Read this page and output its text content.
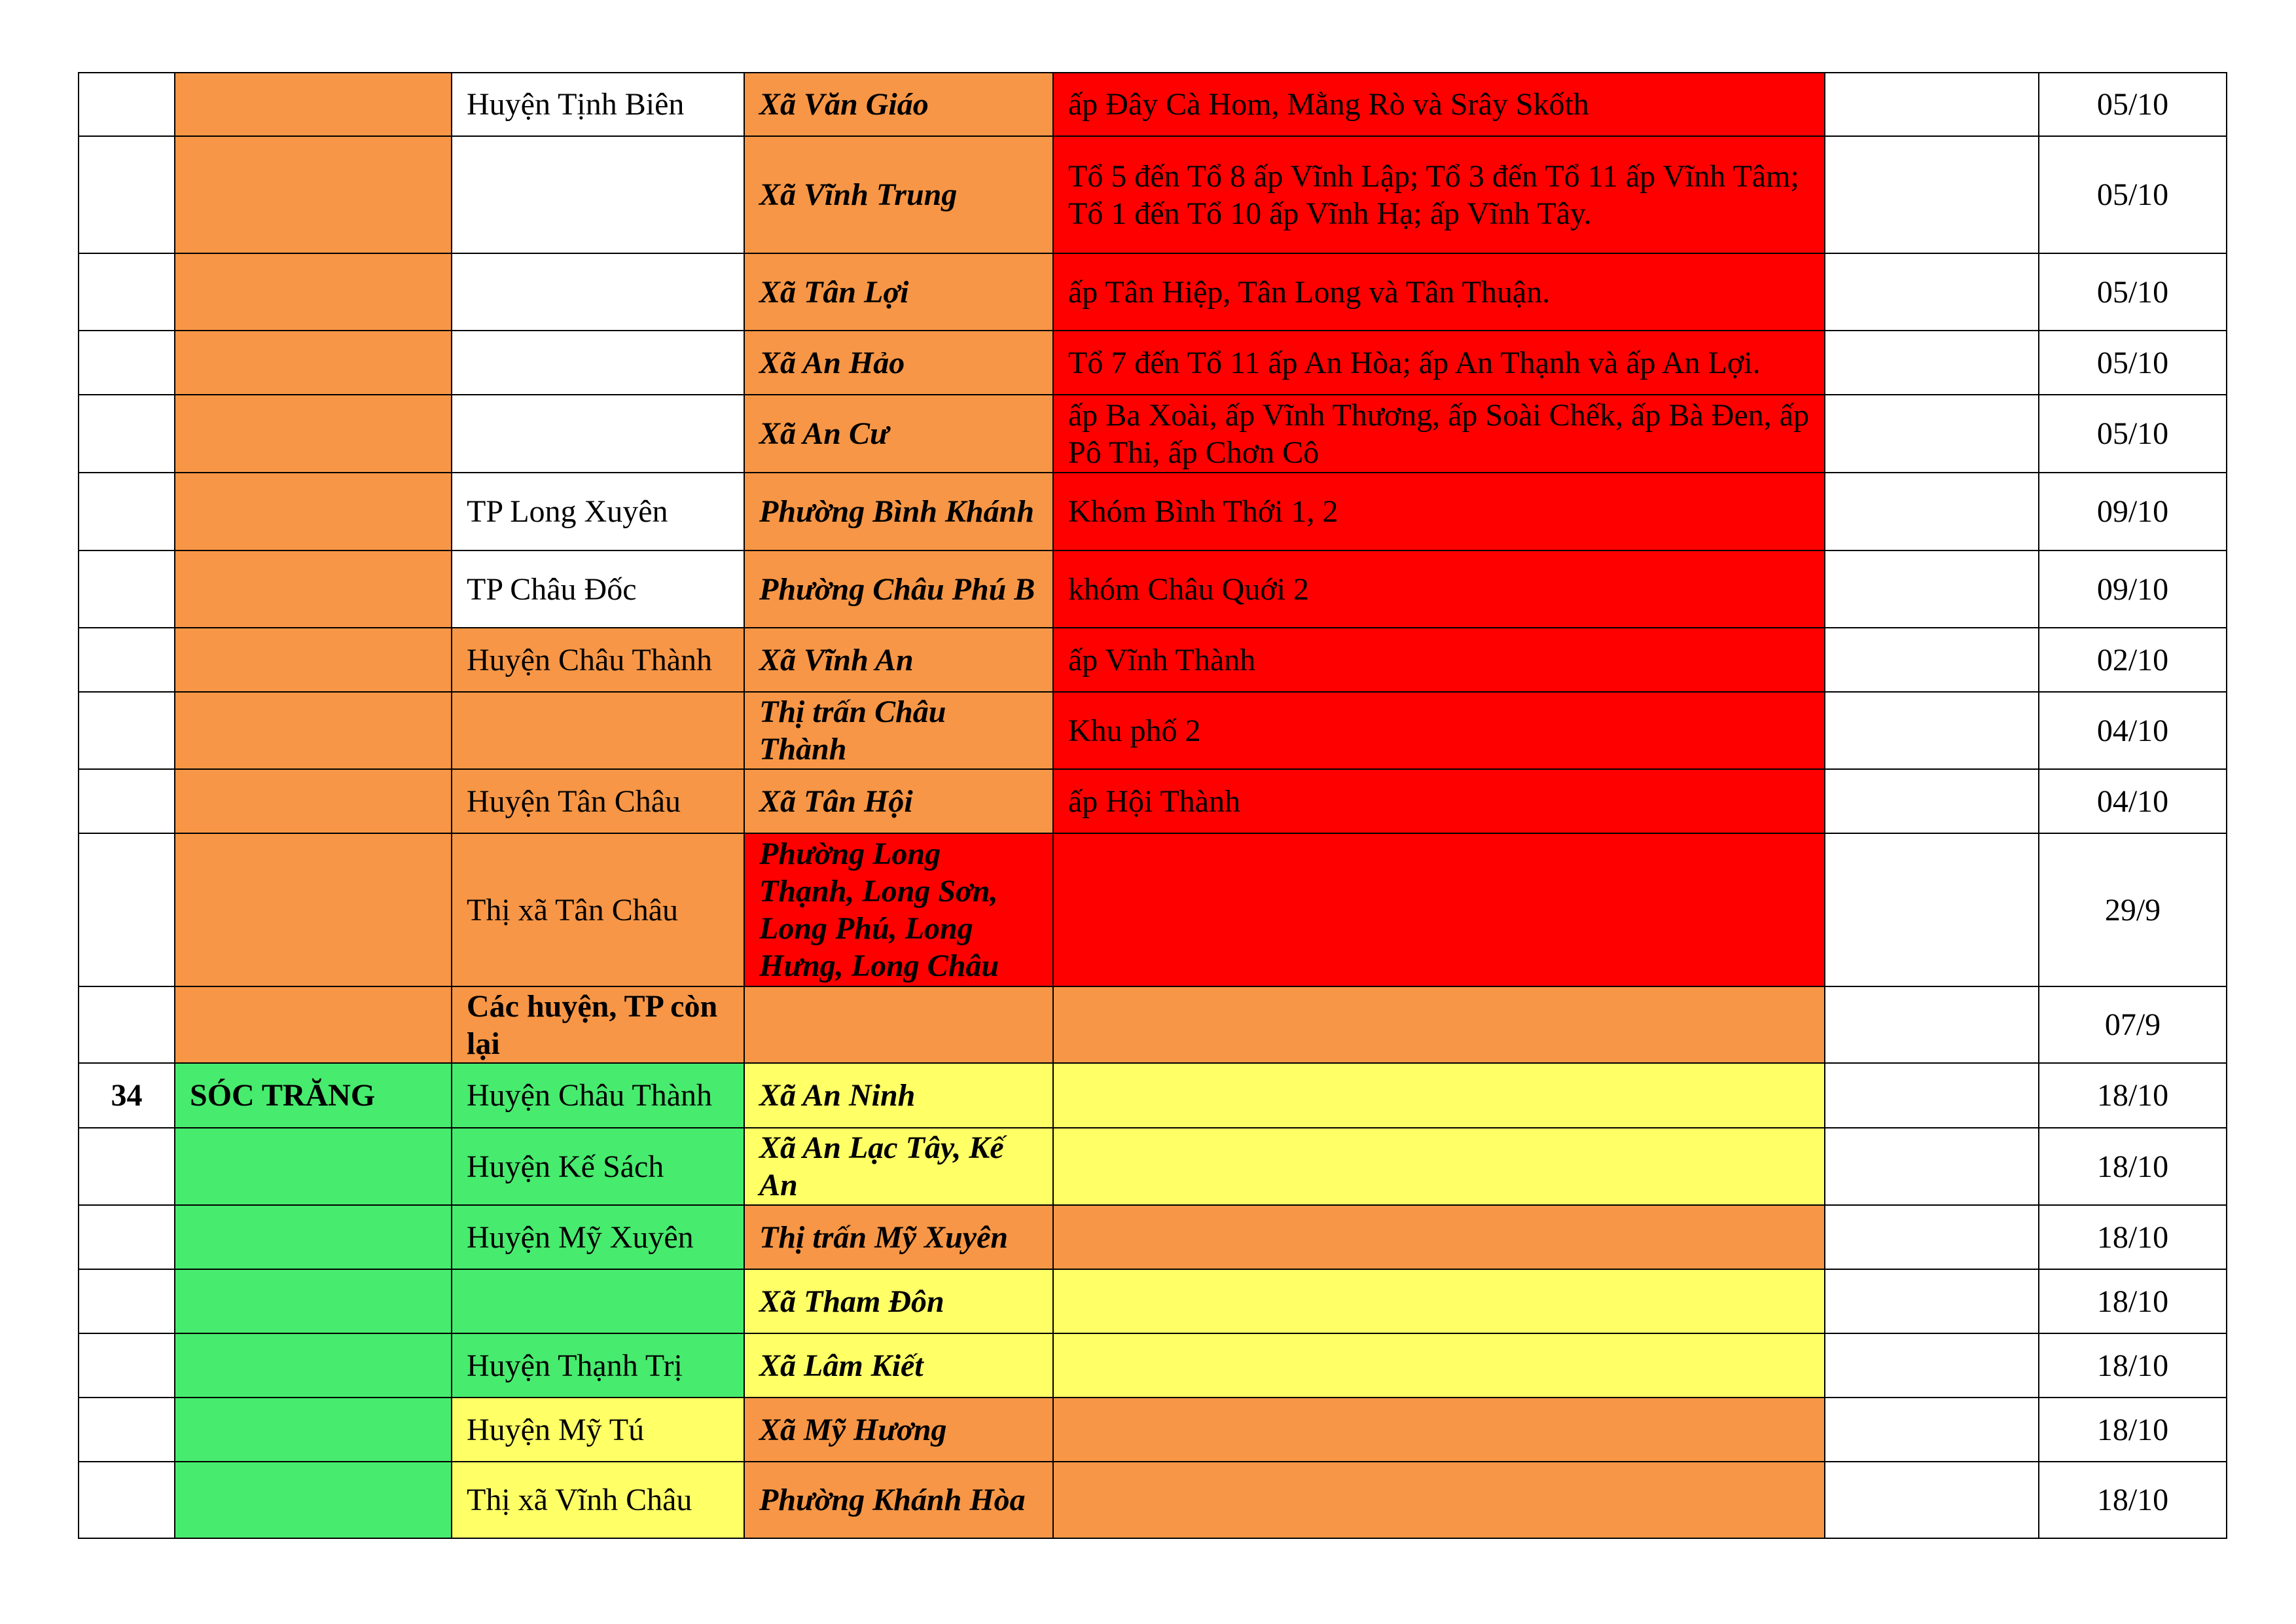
		Huyện Tịnh Biên	Xã Văn Giáo	ấp Đây Cà Hom, Mằng Rò và Srây Skốth		05/10
			Xã Vĩnh Trung	Tổ 5 đến Tổ 8 ấp Vĩnh Lập; Tổ 3 đến Tổ 11 ấp Vĩnh Tâm; Tổ 1 đến Tổ 10 ấp Vĩnh Hạ; ấp Vĩnh Tây.		05/10
			Xã Tân Lợi	ấp Tân Hiệp, Tân Long và Tân Thuận.		05/10
			Xã An Hảo	Tổ 7 đến Tổ 11 ấp An Hòa; ấp An Thạnh và ấp An Lợi.		05/10
			Xã An Cư	ấp Ba Xoài, ấp Vĩnh Thương, ấp Soài Chếk, ấp Bà Đen, ấp Pô Thi, ấp Chơn Cô		05/10
		TP Long Xuyên	Phường Bình Khánh	Khóm Bình Thới 1, 2		09/10
		TP Châu Đốc	Phường Châu Phú B	khóm Châu Quới 2		09/10
		Huyện Châu Thành	Xã Vĩnh An	ấp Vĩnh Thành		02/10
			Thị trấn Châu Thành	Khu phố 2		04/10
		Huyện Tân Châu	Xã Tân Hội	ấp Hội Thành		04/10
		Thị xã Tân Châu	Phường Long Thạnh, Long Sơn, Long Phú, Long Hưng, Long Châu			29/9
		Các huyện, TP còn lại				07/9
34	SÓC TRĂNG	Huyện Châu Thành	Xã An Ninh			18/10
		Huyện Kế Sách	Xã An Lạc Tây, Kế An			18/10
		Huyện Mỹ Xuyên	Thị trấn Mỹ Xuyên			18/10
			Xã Tham Đôn			18/10
		Huyện Thạnh Trị	Xã Lâm Kiết			18/10
		Huyện Mỹ Tú	Xã Mỹ Hương			18/10
		Thị xã Vĩnh Châu	Phường Khánh Hòa			18/10
